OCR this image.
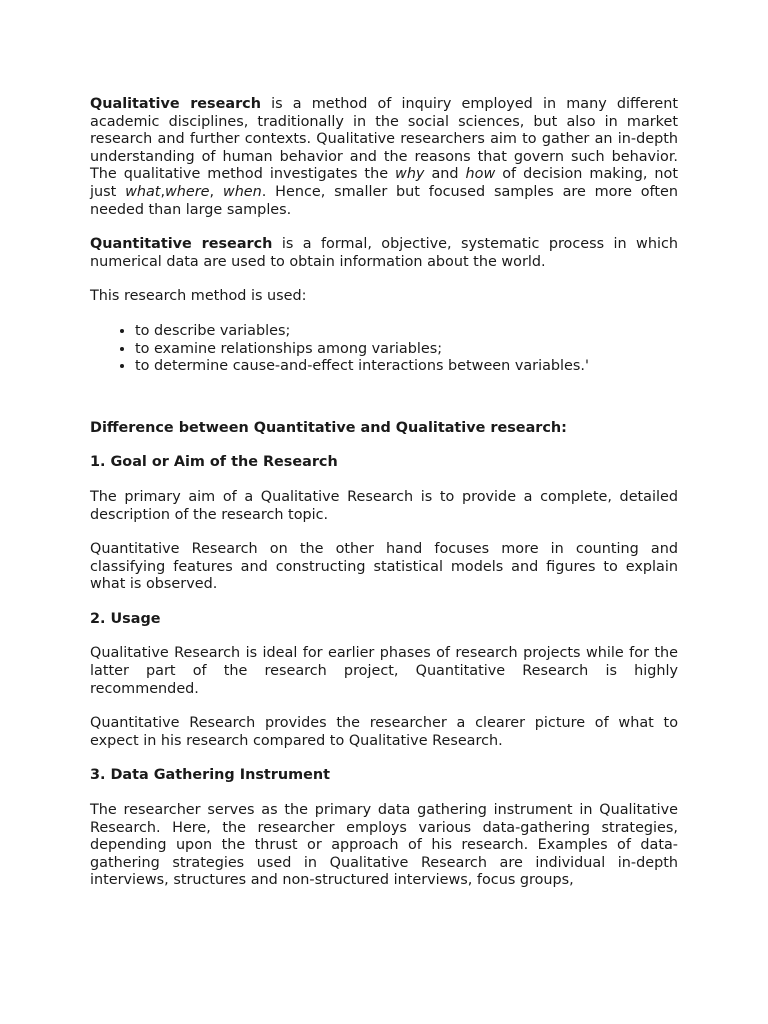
Qualitative research is a method of inquiry employed in many different academic disciplines, traditionally in the social sciences, but also in market research and further contexts. Qualitative researchers aim to gather an in-depth understanding of human behavior and the reasons that govern such behavior. The qualitative method investigates the why and how of decision making, not just what,where, when. Hence, smaller but focused samples are more often needed than large samples.

Quantitative research is a formal, objective, systematic process in which numerical data are used to obtain information about the world.

This research method is used:

• to describe variables;
• to examine relationships among variables;
• to determine cause-and-effect interactions between variables.'

Difference between Quantitative and Qualitative research:

1. Goal or Aim of the Research

The primary aim of a Qualitative Research is to provide a complete, detailed description of the research topic.

Quantitative Research on the other hand focuses more in counting and classifying features and constructing statistical models and figures to explain what is observed.

2. Usage

Qualitative Research is ideal for earlier phases of research projects while for the latter part of the research project, Quantitative Research is highly recommended.

Quantitative Research provides the researcher a clearer picture of what to expect in his research compared to Qualitative Research.

3. Data Gathering Instrument

The researcher serves as the primary data gathering instrument in Qualitative Research. Here, the researcher employs various data-gathering strategies, depending upon the thrust or approach of his research. Examples of data-gathering strategies used in Qualitative Research are individual in-depth interviews, structures and non-structured interviews, focus groups,
